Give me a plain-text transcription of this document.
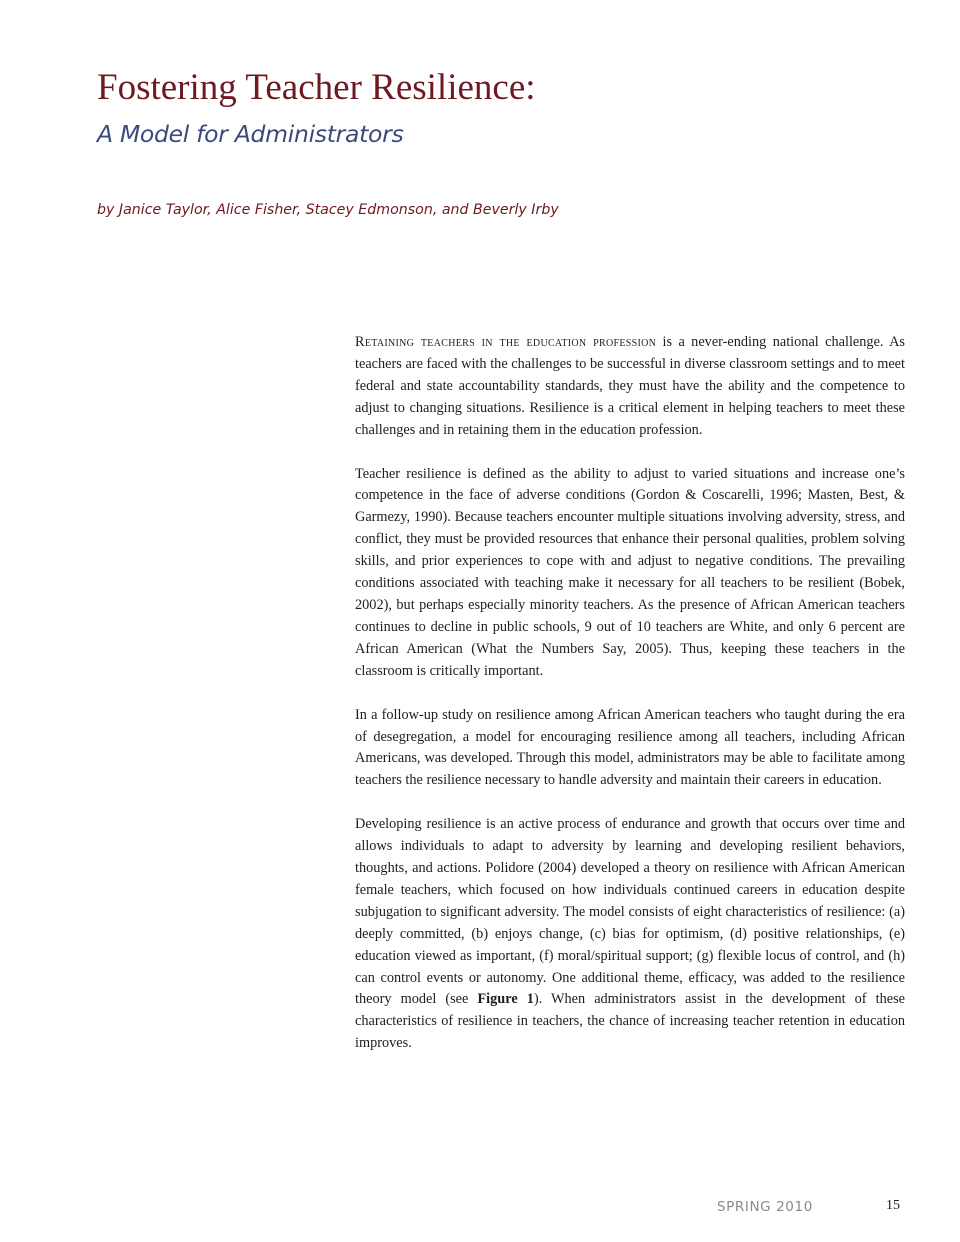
Fostering Teacher Resilience:
A Model for Administrators
by Janice Taylor, Alice Fisher, Stacey Edmonson, and Beverly Irby

Retaining teachers in the education profession is a never-ending national challenge. As teachers are faced with the challenges to be successful in diverse classroom settings and to meet federal and state accountability standards, they must have the ability and the competence to adjust to changing situations. Resilience is a critical element in helping teachers to meet these challenges and in retaining them in the education profession.

Teacher resilience is defined as the ability to adjust to varied situations and increase one’s competence in the face of adverse conditions (Gordon & Coscarelli, 1996; Masten, Best, & Garmezy, 1990). Because teachers encounter multiple situations involving adversity, stress, and conflict, they must be provided resources that enhance their personal qualities, problem solving skills, and prior experiences to cope with and adjust to negative conditions. The prevailing conditions associated with teaching make it necessary for all teachers to be resilient (Bobek, 2002), but perhaps especially minority teachers. As the presence of African American teachers continues to decline in public schools, 9 out of 10 teachers are White, and only 6 percent are African American (What the Numbers Say, 2005). Thus, keeping these teachers in the classroom is critically important.

In a follow-up study on resilience among African American teachers who taught during the era of desegregation, a model for encouraging resilience among all teachers, including African Americans, was developed. Through this model, administrators may be able to facilitate among teachers the resilience necessary to handle adversity and maintain their careers in education.

Developing resilience is an active process of endurance and growth that occurs over time and allows individuals to adapt to adversity by learning and developing resilient behaviors, thoughts, and actions. Polidore (2004) developed a theory on resilience with African American female teachers, which focused on how individuals continued careers in education despite subjugation to significant adversity. The model consists of eight characteristics of resilience: (a) deeply committed, (b) enjoys change, (c) bias for optimism, (d) positive relationships, (e) education viewed as important, (f) moral/spiritual support; (g) flexible locus of control, and (h) can control events or autonomy. One additional theme, efficacy, was added to the resilience theory model (see Figure 1). When administrators assist in the development of these characteristics of resilience in teachers, the chance of increasing teacher retention in education improves.

SPRING 2010	15
